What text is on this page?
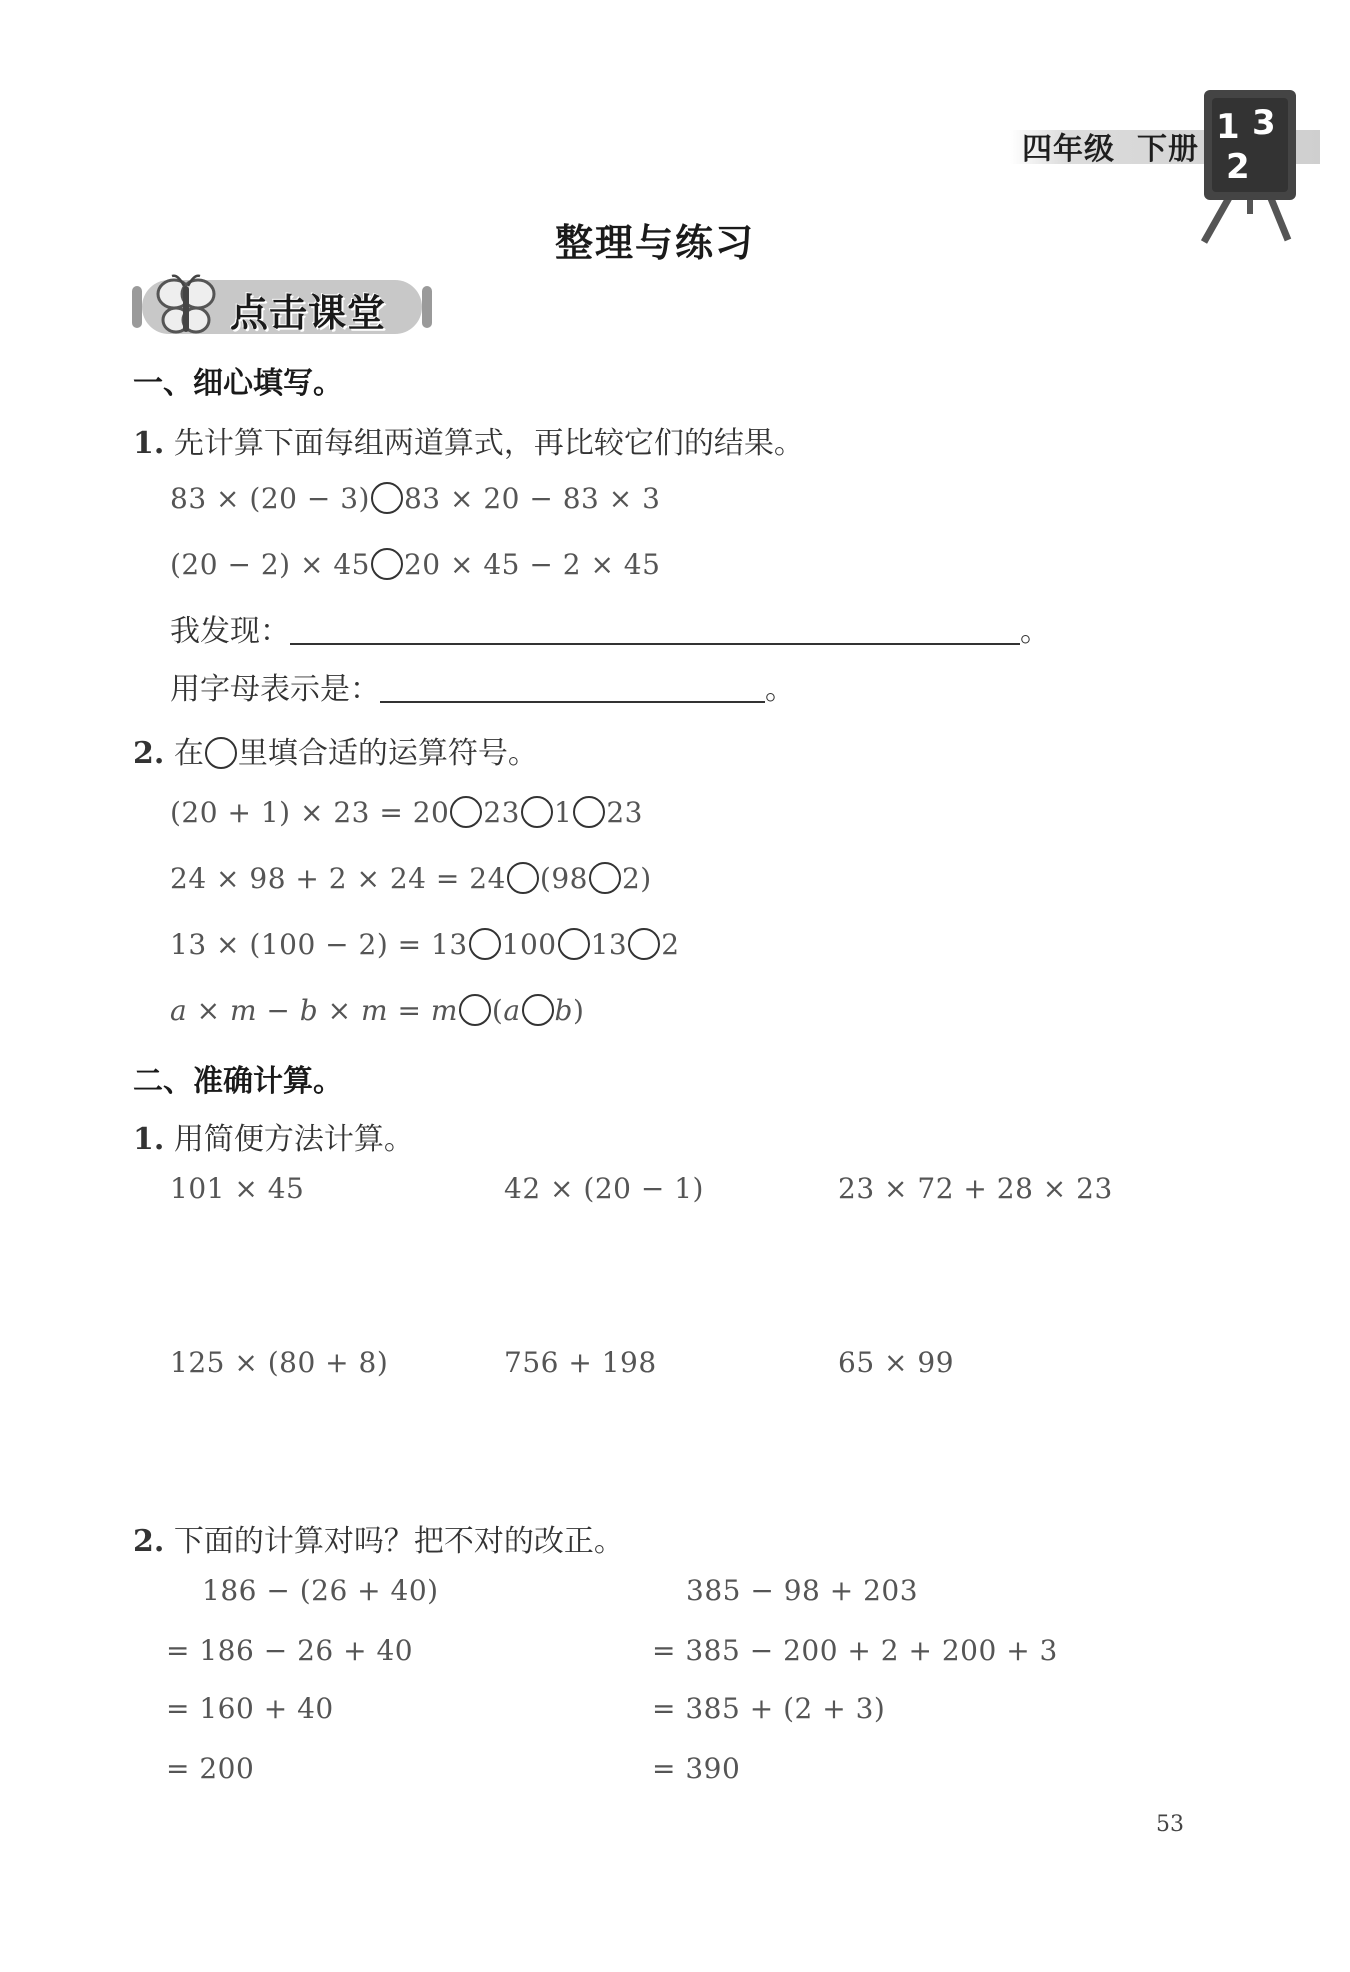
四年级 下册
1 3
2
整理与练习
点击课堂
一、细心填写。
1. 先计算下面每组两道算式，再比较它们的结果。
83 × (20 − 3) 83 × 20 − 83 × 3
(20 − 2) × 45 20 × 45 − 2 × 45
我发现：	。
用字母表示是：	。
2. 在 里填合适的运算符号。
(20 + 1) × 23 = 20 23 1 23
24 × 98 + 2 × 24 = 24 (98 2)
13 × (100 − 2) = 13 100 13 2
a × m − b × m = m (a b)
二、准确计算。
1. 用简便方法计算。
101 × 45	42 × (20 − 1)	23 × 72 + 28 × 23
125 × (80 + 8)	756 + 198	65 × 99
2. 下面的计算对吗？把不对的改正。
186 − (26 + 40)
= 186 − 26 + 40
= 160 + 40
= 200
385 − 98 + 203
= 385 − 200 + 2 + 200 + 3
= 385 + (2 + 3)
= 390
53
